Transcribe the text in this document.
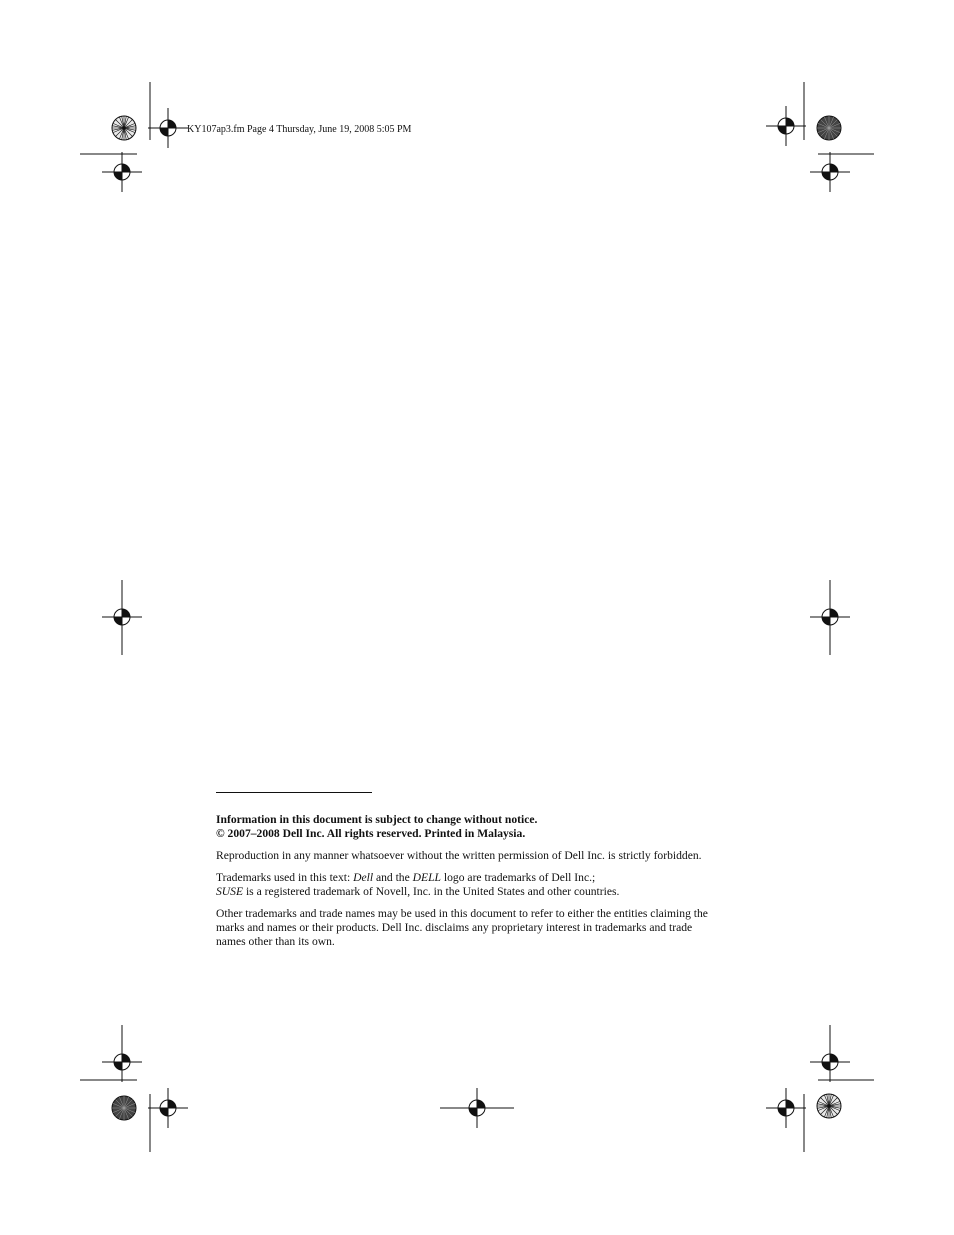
KY107ap3.fm Page 4 Thursday, June 19, 2008 5:05 PM

Information in this document is subject to change without notice.
© 2007–2008 Dell Inc. All rights reserved. Printed in Malaysia.

Reproduction in any manner whatsoever without the written permission of Dell Inc. is strictly forbidden.

Trademarks used in this text: Dell and the DELL logo are trademarks of Dell Inc.;
SUSE is a registered trademark of Novell, Inc. in the United States and other countries.

Other trademarks and trade names may be used in this document to refer to either the entities claiming the marks and names or their products. Dell Inc. disclaims any proprietary interest in trademarks and trade names other than its own.
